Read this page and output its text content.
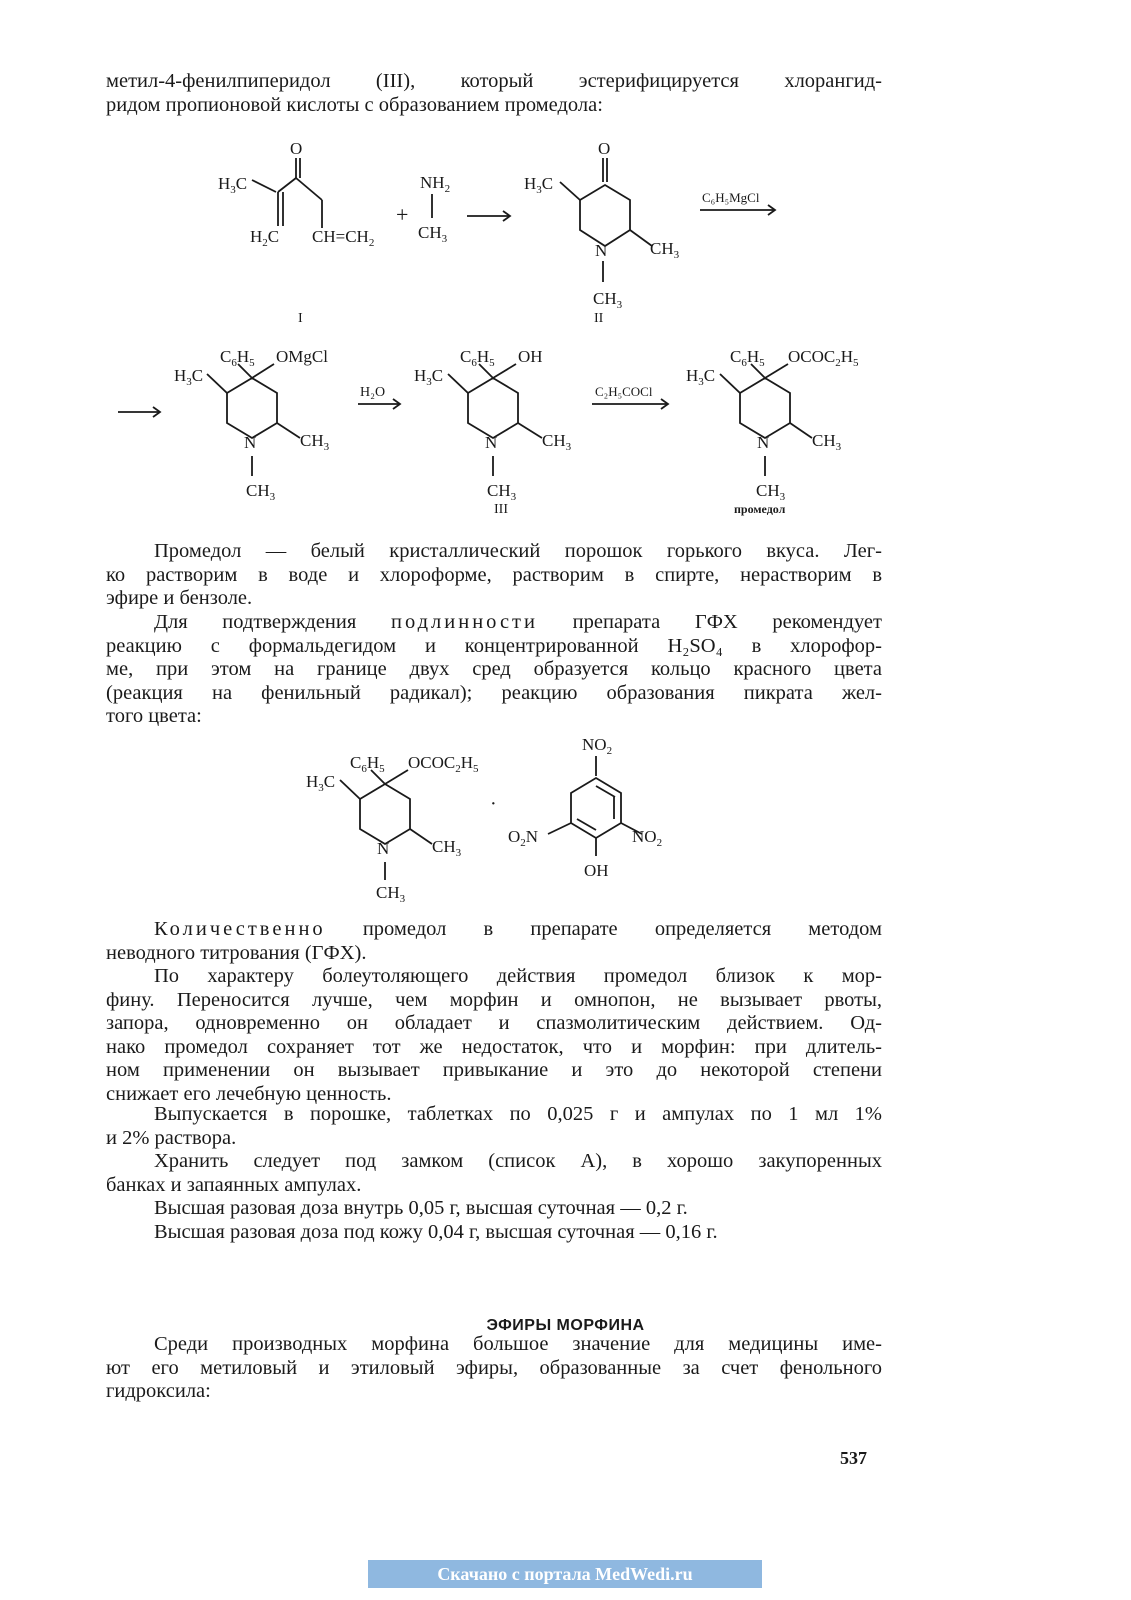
метил-4-фенилпиперидол (III), который эстерифицируется хлорангид-
ридом пропионовой кислоты с образованием промедола:

O
$H_3C$
$H_2C$ $CH=CH_2$
+
$NH_2$
$CH_3$
O
$H_3C$
N	$CH_3$
$CH_3$
C₆H₅MgCl
I	II
$C_6H_5$ OMgCl
$H_3C$
N	$CH_3$
$CH_3$
H₂O
$C_6H_5$ OH
$H_3C$
N	$CH_3$
$CH_3$
C₂H₅COCl
III
$C_6H_5$ $OCOC_2H_5$
$H_3C$
N	$CH_3$
$CH_3$
промедол

Промедол — белый кристаллический порошок горького вкуса. Лег-
ко растворим в воде и хлороформе, растворим в спирте, нерастворим в
эфире и бензоле.

Для подтверждения подлинности препарата ГФХ рекомендует
реакцию с формальдегидом и концентрированной H₂SO₄ в хлорофор-
ме, при этом на границе двух сред образуется кольцо красного цвета
(реакция на фенильный радикал); реакцию образования пикрата жел-
того цвета:

$C_6H_5$ $OCOC_2H_5$
$H_3C$
N	$CH_3$
$CH_3$
·
$NO_2$
$O_2N$	$NO_2$
OH

Количественно промедол в препарате определяется методом
неводного титрования (ГФХ).

По характеру болеутоляющего действия промедол близок к мор-
фину. Переносится лучше, чем морфин и омнопон, не вызывает рвоты,
запора, одновременно он обладает и спазмолитическим действием. Од-
нако промедол сохраняет тот же недостаток, что и морфин: при длитель-
ном применении он вызывает привыкание и это до некоторой степени
снижает его лечебную ценность.

Выпускается в порошке, таблетках по 0,025 г и ампулах по 1 мл 1%
и 2% раствора.

Хранить следует под замком (список А), в хорошо закупоренных
банках и запаянных ампулах.

Высшая разовая доза внутрь 0,05 г, высшая суточная — 0,2 г.
Высшая разовая доза под кожу 0,04 г, высшая суточная — 0,16 г.

ЭФИРЫ МОРФИНА

Среди производных морфина большое значение для медицины име-
ют его метиловый и этиловый эфиры, образованные за счет фенольного
гидроксила:

537
Скачано с портала MedWedi.ru
